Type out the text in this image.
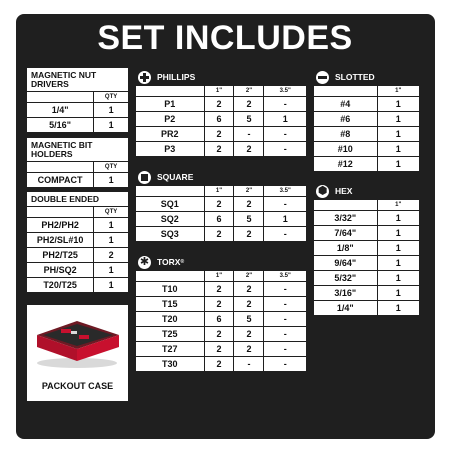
SET INCLUDES
MAGNETIC NUT DRIVERS
	QTY
1/4"	1
5/16"	1
MAGNETIC BIT HOLDERS
	QTY
COMPACT	1
DOUBLE ENDED
	QTY
PH2/PH2	1
PH2/SL#10	1
PH2/T25	2
PH/SQ2	1
T20/T25	1
PACKOUT CASE
PHILLIPS
	1"	2"	3.5"
P1	2	2	-
P2	6	5	1
PR2	2	-	-
P3	2	2	-
SQUARE
	1"	2"	3.5"
SQ1	2	2	-
SQ2	6	5	1
SQ3	2	2	-
✱
TORX ®
	1"	2"	3.5"
T10	2	2	-
T15	2	2	-
T20	6	5	-
T25	2	2	-
T27	2	2	-
T30	2	-	-
SLOTTED
	1"
#4	1
#6	1
#8	1
#10	1
#12	1
⬢
HEX
	1"
3/32"	1
7/64"	1
1/8"	1
9/64"	1
5/32"	1
3/16"	1
1/4"	1
